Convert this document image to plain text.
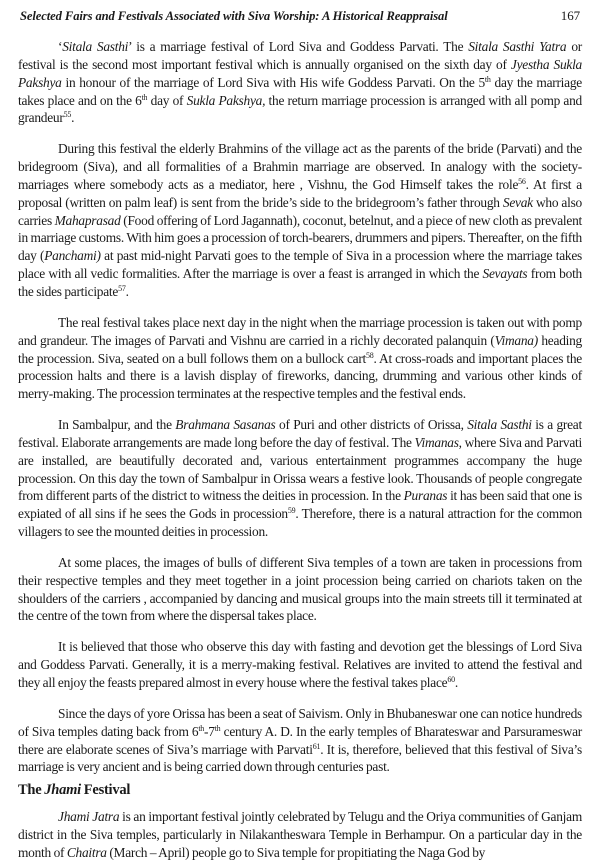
Selected Fairs and Festivals Associated with Siva Worship: A Historical Reappraisal	167

‘Sitala Sasthi’ is a marriage festival of Lord Siva and Goddess Parvati. The Sitala Sasthi Yatra or festival is the second most important festival which is annually organised on the sixth day of Jyestha Sukla Pakshya in honour of the marriage of Lord Siva with His wife Goddess Parvati. On the 5th day the marriage takes place and on the 6th day of Sukla Pakshya, the return marriage procession is arranged with all pomp and grandeur$^{55}$.

During this festival the elderly Brahmins of the village act as the parents of the bride (Parvati) and the bridegroom (Siva), and all formalities of a Brahmin marriage are observed. In analogy with the society-marriages where somebody acts as a mediator, here , Vishnu, the God Himself takes the role$^{56}$. At first a proposal (written on palm leaf) is sent from the bride’s side to the bridegroom’s father through Sevak who also carries Mahaprasad (Food offering of Lord Jagannath), coconut, betelnut, and a piece of new cloth as prevalent in marriage customs. With him goes a procession of torch-bearers, drummers and pipers. Thereafter, on the fifth day (Panchami) at past mid-night Parvati goes to the temple of Siva in a procession where the marriage takes place with all vedic formalities. After the marriage is over a feast is arranged in which the Sevayats from both the sides participate$^{57}$.

The real festival takes place next day in the night when the marriage procession is taken out with pomp and grandeur. The images of Parvati and Vishnu are carried in a richly decorated palanquin (Vimana) heading the procession. Siva, seated on a bull follows them on a bullock cart$^{58}$. At cross-roads and important places the procession halts and there is a lavish display of fireworks, dancing, drumming and various other kinds of merry-making. The procession terminates at the respective temples and the festival ends.

In Sambalpur, and the Brahmana Sasanas of Puri and other districts of Orissa, Sitala Sasthi is a great festival. Elaborate arrangements are made long before the day of festival. The Vimanas, where Siva and Parvati are installed, are beautifully decorated and, various entertainment programmes accompany the huge procession. On this day the town of Sambalpur in Orissa wears a festive look. Thousands of people congregate from different parts of the district to witness the deities in procession. In the Puranas it has been said that one is expiated of all sins if he sees the Gods in procession$^{59}$. Therefore, there is a natural attraction for the common villagers to see the mounted deities in procession.

At some places, the images of bulls of different Siva temples of a town are taken in processions from their respective temples and they meet together in a joint procession being carried on chariots taken on the shoulders of the carriers , accompanied by dancing and musical groups into the main streets till it terminated at the centre of the town from where the dispersal takes place.

It is believed that those who observe this day with fasting and devotion get the blessings of Lord Siva and Goddess Parvati. Generally, it is a merry-making festival. Relatives are invited to attend the festival and they all enjoy the feasts prepared almost in every house where the festival takes place$^{60}$.

Since the days of yore Orissa has been a seat of Saivism. Only in Bhubaneswar one can notice hundreds of Siva temples dating back from 6th-7th century A. D. In the early temples of Bharateswar and Parsurameswar there are elaborate scenes of Siva’s marriage with Parvati$^{61}$. It is, therefore, believed that this festival of Siva’s marriage is very ancient and is being carried down through centuries past.

The Jhami Festival

Jhami Jatra is an important festival jointly celebrated by Telugu and the Oriya communities of Ganjam district in the Siva temples, particularly in Nilakantheswara Temple in Berhampur. On a particular day in the month of Chaitra (March – April) people go to Siva temple for propitiating the Naga God by
